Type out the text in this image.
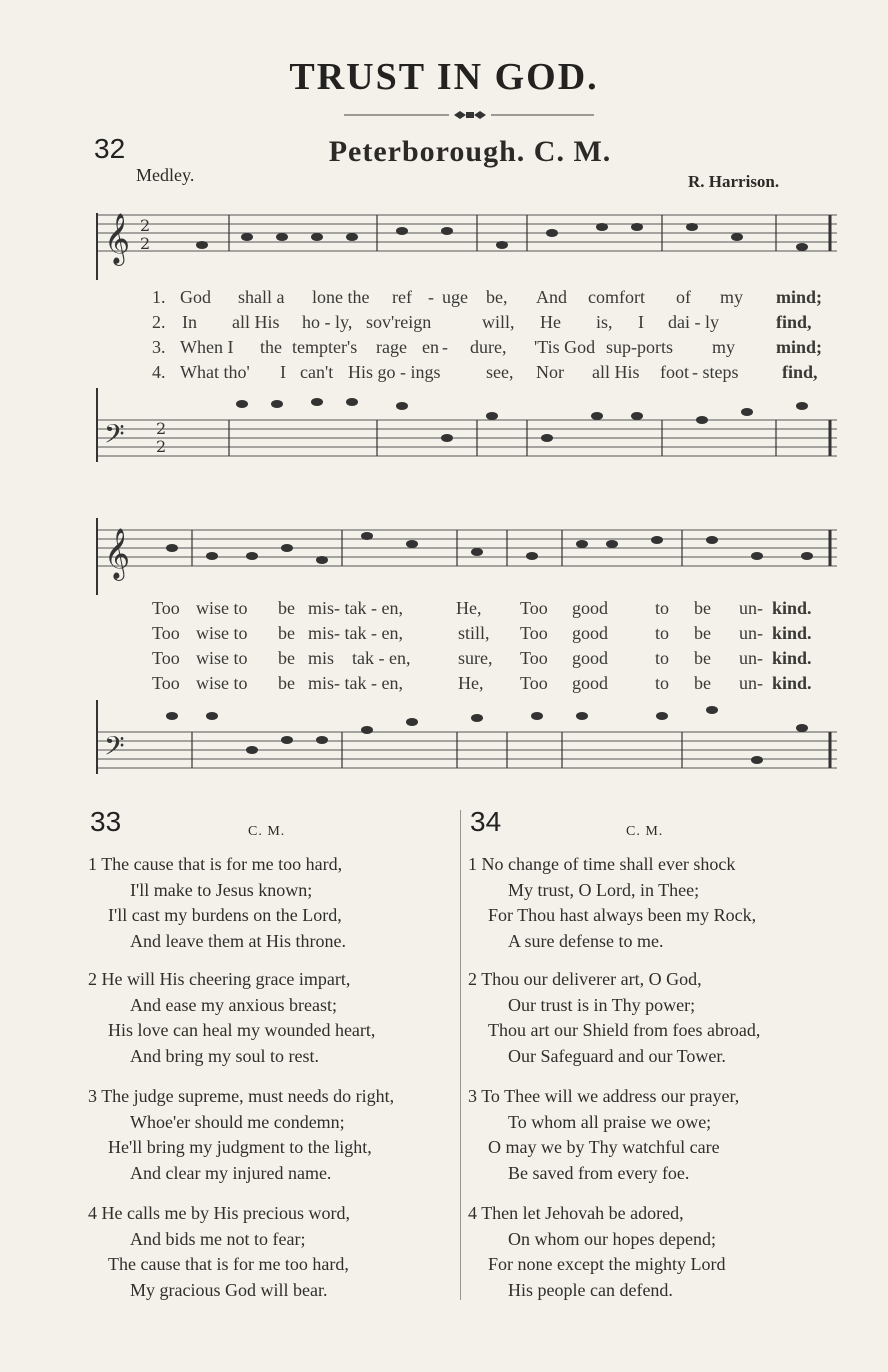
TRUST IN GOD.
32	Peterborough. C. M.
Medley.	R. Harrison.
𝄞 2
2
1. God shall a lone the ref - uge be, And comfort of my mind;
2. In all His ho - ly, sov'reign	will, He is, I dai - ly	find,
3. When I the tempter's rage en - dure, 'Tis God sup-ports my mind;
4. What tho' I can't His go - ings	see, Nor all His foot - steps find,
𝄢 2
2
𝄞
Too wise to be mis- tak - en,	He, Too good	to be un- kind.
Too wise to be mis- tak - en,	still, Too good	to be un- kind.
Too wise to be mis tak - en,	sure, Too good	to be un- kind.
Too wise to be mis- tak - en,	He, Too good	to be un- kind.
𝄢
33	C. M.
1 The cause that is for me too hard,
I'll make to Jesus known;
I'll cast my burdens on the Lord,
And leave them at His throne.
2 He will His cheering grace impart,
And ease my anxious breast;
His love can heal my wounded heart,
And bring my soul to rest.
3 The judge supreme, must needs do right,
Whoe'er should me condemn;
He'll bring my judgment to the light,
And clear my injured name.
4 He calls me by His precious word,
And bids me not to fear;
The cause that is for me too hard,
My gracious God will bear.
34	C. M.
1 No change of time shall ever shock
My trust, O Lord, in Thee;
For Thou hast always been my Rock,
A sure defense to me.
2 Thou our deliverer art, O God,
Our trust is in Thy power;
Thou art our Shield from foes abroad,
Our Safeguard and our Tower.
3 To Thee will we address our prayer,
To whom all praise we owe;
O may we by Thy watchful care
Be saved from every foe.
4 Then let Jehovah be adored,
On whom our hopes depend;
For none except the mighty Lord
His people can defend.
